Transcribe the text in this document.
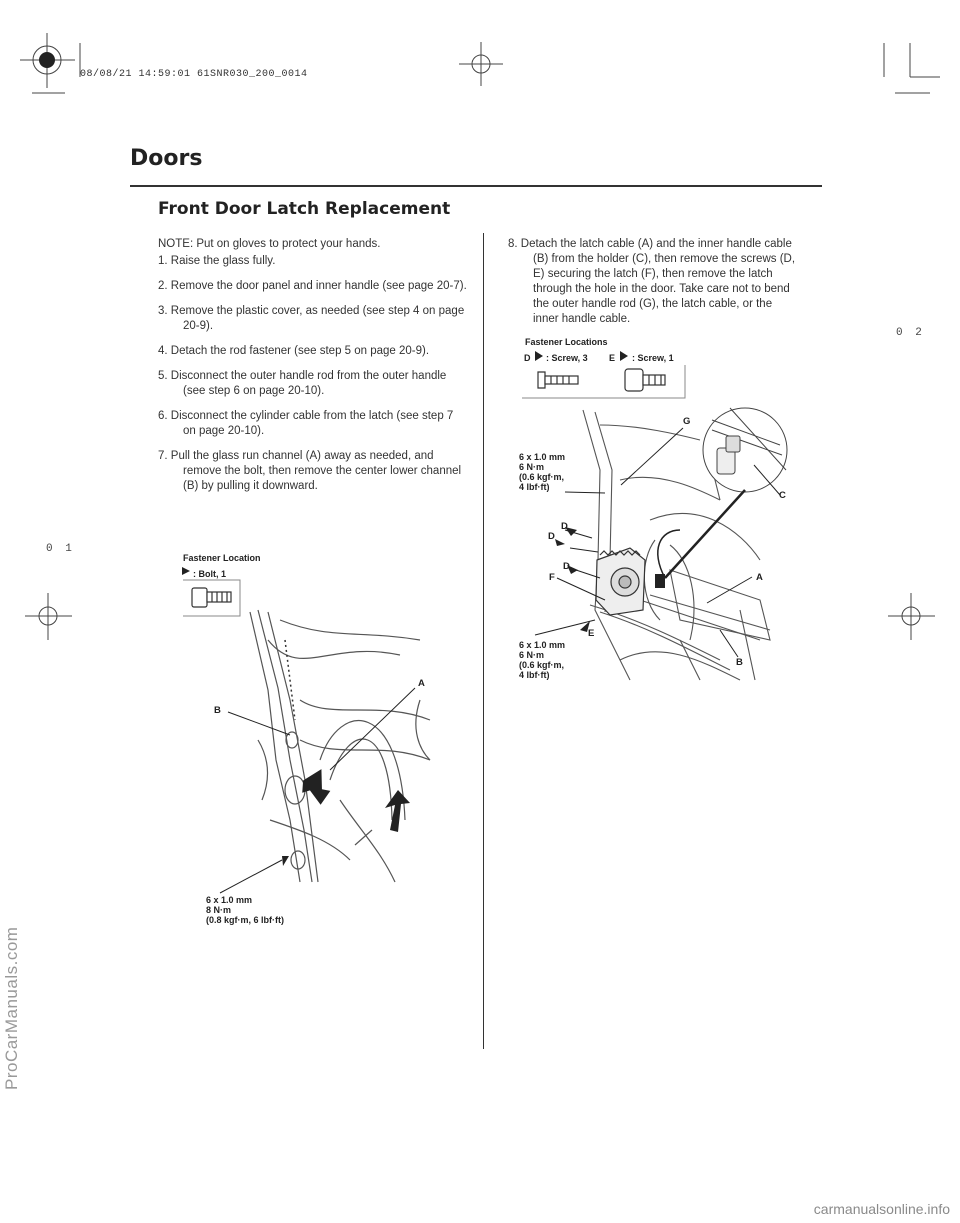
08/08/21 14:59:01 61SNR030_200_0014
Doors
Front Door Latch Replacement
0 2
0 1

NOTE: Put on gloves to protect your hands.

1. Raise the glass fully.

2. Remove the door panel and inner handle (see page 20-7).

3. Remove the plastic cover, as needed (see step 4 on page 20-9).

4. Detach the rod fastener (see step 5 on page 20-9).

5. Disconnect the outer handle rod from the outer handle (see step 6 on page 20-10).

6. Disconnect the cylinder cable from the latch (see step 7 on page 20-10).

7. Pull the glass run channel (A) away as needed, and remove the bolt, then remove the center lower channel (B) by pulling it downward.

8. Detach the latch cable (A) and the inner handle cable (B) from the holder (C), then remove the screws (D, E) securing the latch (F), then remove the latch through the hole in the door. Take care not to bend the outer handle rod (G), the latch cable, or the inner handle cable.

Fastener Location
: Bolt, 1
A
B
6 x 1.0 mm
8 N·m
(0.8 kgf·m, 6 lbf·ft)
Fastener Locations
D : Screw, 3 E : Screw, 1
G
C
D
D
D
F	A
E
B
6 x 1.0 mm
6 N·m
(0.6 kgf·m,
4 lbf·ft)
6 x 1.0 mm
6 N·m
(0.6 kgf·m,
4 lbf·ft)
ProCarManuals.com
carmanualsonline.info
